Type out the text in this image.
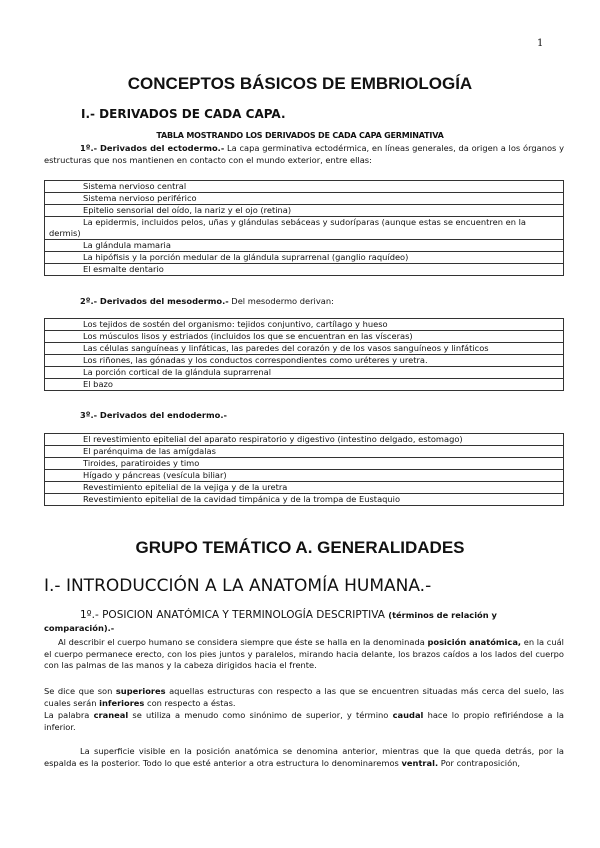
1
CONCEPTOS BÁSICOS DE EMBRIOLOGÍA
I.- DERIVADOS DE CADA CAPA.
TABLA MOSTRANDO LOS DERIVADOS DE CADA CAPA GERMINATIVA

1º.- Derivados del ectodermo.- La capa germinativa ectodérmica, en líneas generales, da origen a los órganos y estructuras que nos mantienen en contacto con el mundo exterior, entre ellas:

Sistema nervioso central
Sistema nervioso periférico
Epitelio sensorial del oído, la nariz y el ojo (retina)
La epidermis, incluidos pelos, uñas y glándulas sebáceas y sudoríparas (aunque estas se encuentren en la dermis)
La glándula mamaria
La hipófisis y la porción medular de la glándula suprarrenal (ganglio raquídeo)
El esmalte dentario

2º.- Derivados del mesodermo.- Del mesodermo derivan:

Los tejidos de sostén del organismo: tejidos conjuntivo, cartílago y hueso
Los músculos lisos y estriados (incluidos los que se encuentran en las vísceras)
Las células sanguíneas y linfáticas, las paredes del corazón y de los vasos sanguíneos y linfáticos
Los riñones, las gónadas y los conductos correspondientes como uréteres y uretra.
La porción cortical de la glándula suprarrenal
El bazo

3º.- Derivados del endodermo.-

El revestimiento epitelial del aparato respiratorio y digestivo (intestino delgado, estomago)
El parénquima de las amígdalas
Tiroides, paratiroides y timo
Hígado y páncreas (vesícula biliar)
Revestimiento epitelial de la vejiga y de la uretra
Revestimiento epitelial de la cavidad timpánica y de la trompa de Eustaquio
GRUPO TEMÁTICO A. GENERALIDADES
I.- INTRODUCCIÓN A LA ANATOMÍA HUMANA.-
1º.- POSICION ANATÓMICA Y TERMINOLOGÍA DESCRIPTIVA (términos de relación y comparación).-

Al describir el cuerpo humano se considera siempre que éste se halla en la denominada posición anatómica, en la cuál el cuerpo permanece erecto, con los pies juntos y paralelos, mirando hacia delante, los brazos caídos a los lados del cuerpo con las palmas de las manos y la cabeza dirigidos hacia el frente.

Se dice que son superiores aquellas estructuras con respecto a las que se encuentren situadas más cerca del suelo, las cuales serán inferiores con respecto a éstas.

La palabra craneal se utiliza a menudo como sinónimo de superior, y término caudal hace lo propio refiriéndose a la inferior.

La superficie visible en la posición anatómica se denomina anterior, mientras que la que queda detrás, por la espalda es la posterior. Todo lo que esté anterior a otra estructura lo denominaremos ventral. Por contraposición,
